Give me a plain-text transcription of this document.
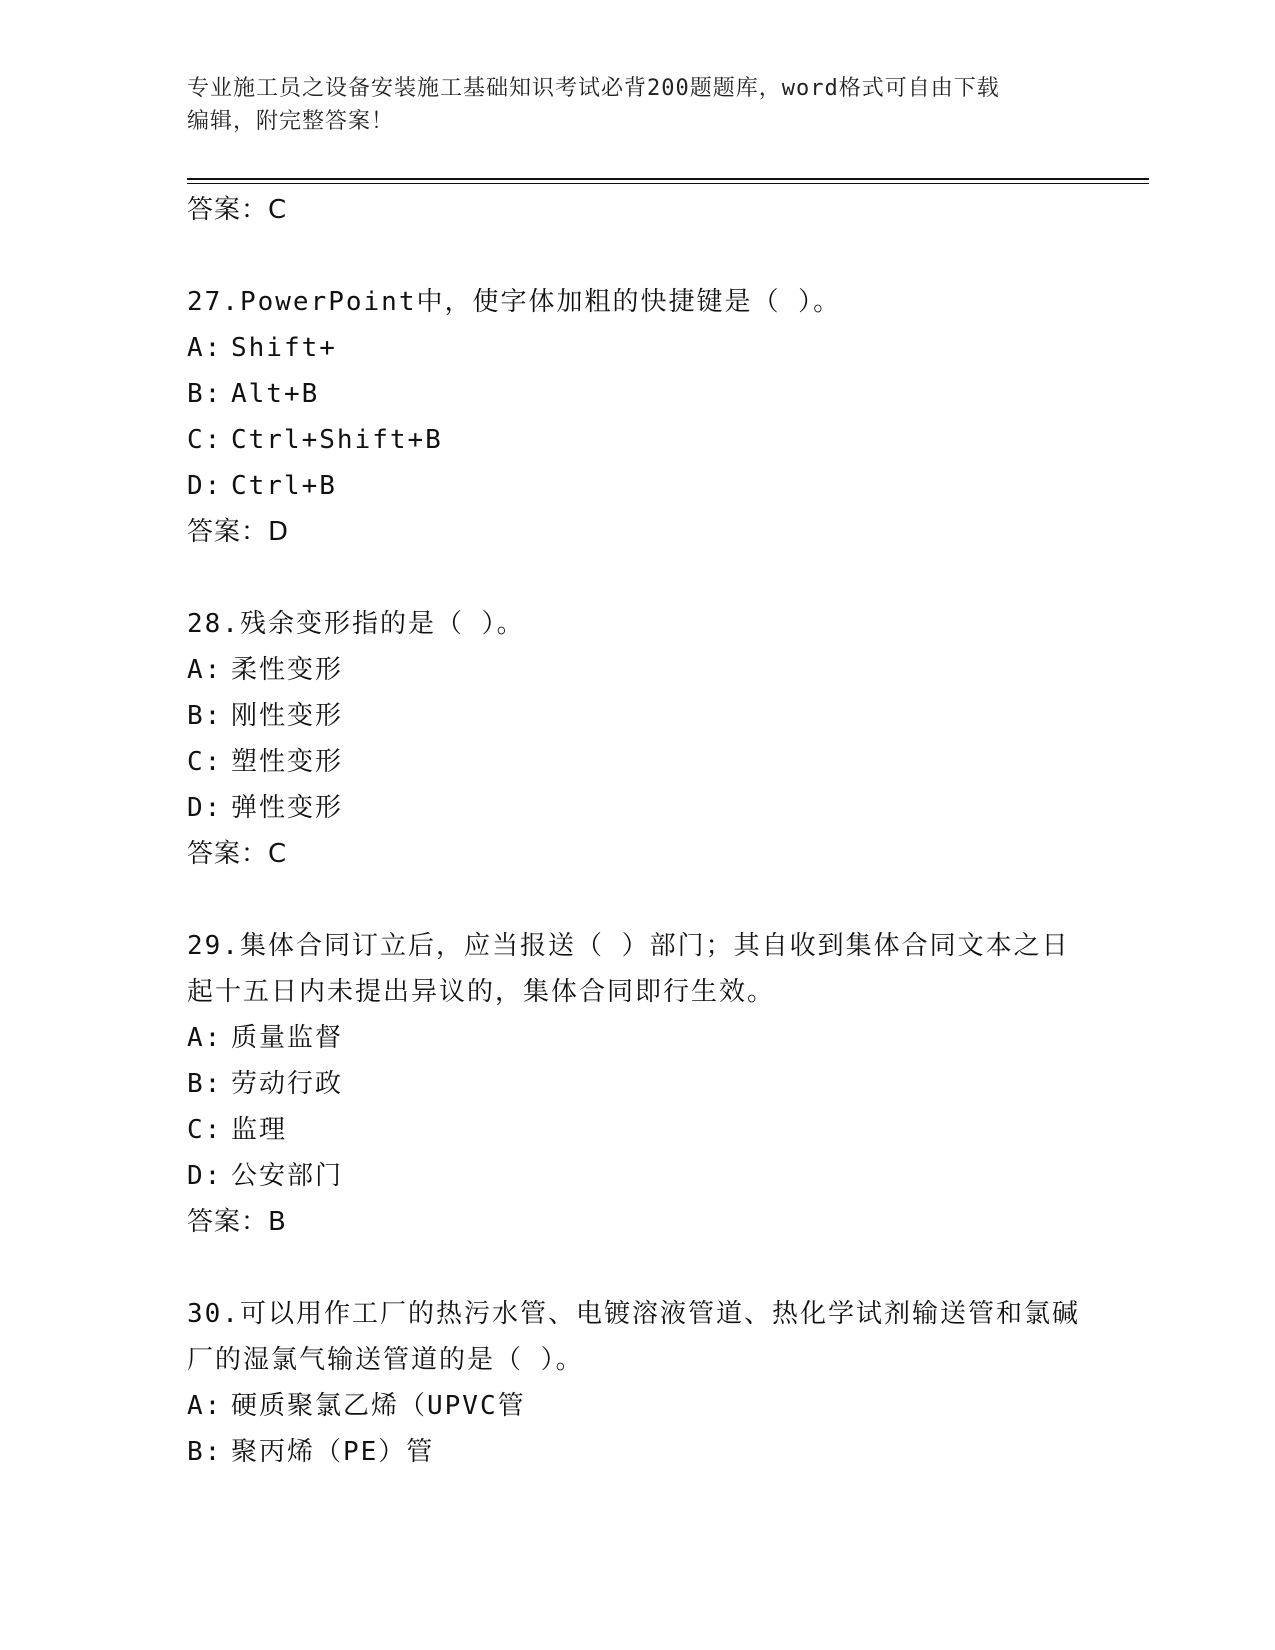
专业施工员之设备安装施工基础知识考试必背200题题库，word格式可自由下载
编辑，附完整答案！

答案：C

27.PowerPoint中，使字体加粗的快捷键是（ ）。

A: Shift+

B: Alt+B

C: Ctrl+Shift+B

D: Ctrl+B

答案：D

28.残余变形指的是（ ）。

A: 柔性变形

B: 刚性变形

C: 塑性变形

D: 弹性变形

答案：C

29.集体合同订立后，应当报送（ ）部门；其自收到集体合同文本之日起十五日内未提出异议的，集体合同即行生效。

A: 质量监督

B: 劳动行政

C: 监理

D: 公安部门

答案：B

30.可以用作工厂的热污水管、电镀溶液管道、热化学试剂输送管和氯碱厂的湿氯气输送管道的是（ ）。

A: 硬质聚氯乙烯（UPVC管

B: 聚丙烯（PE）管
